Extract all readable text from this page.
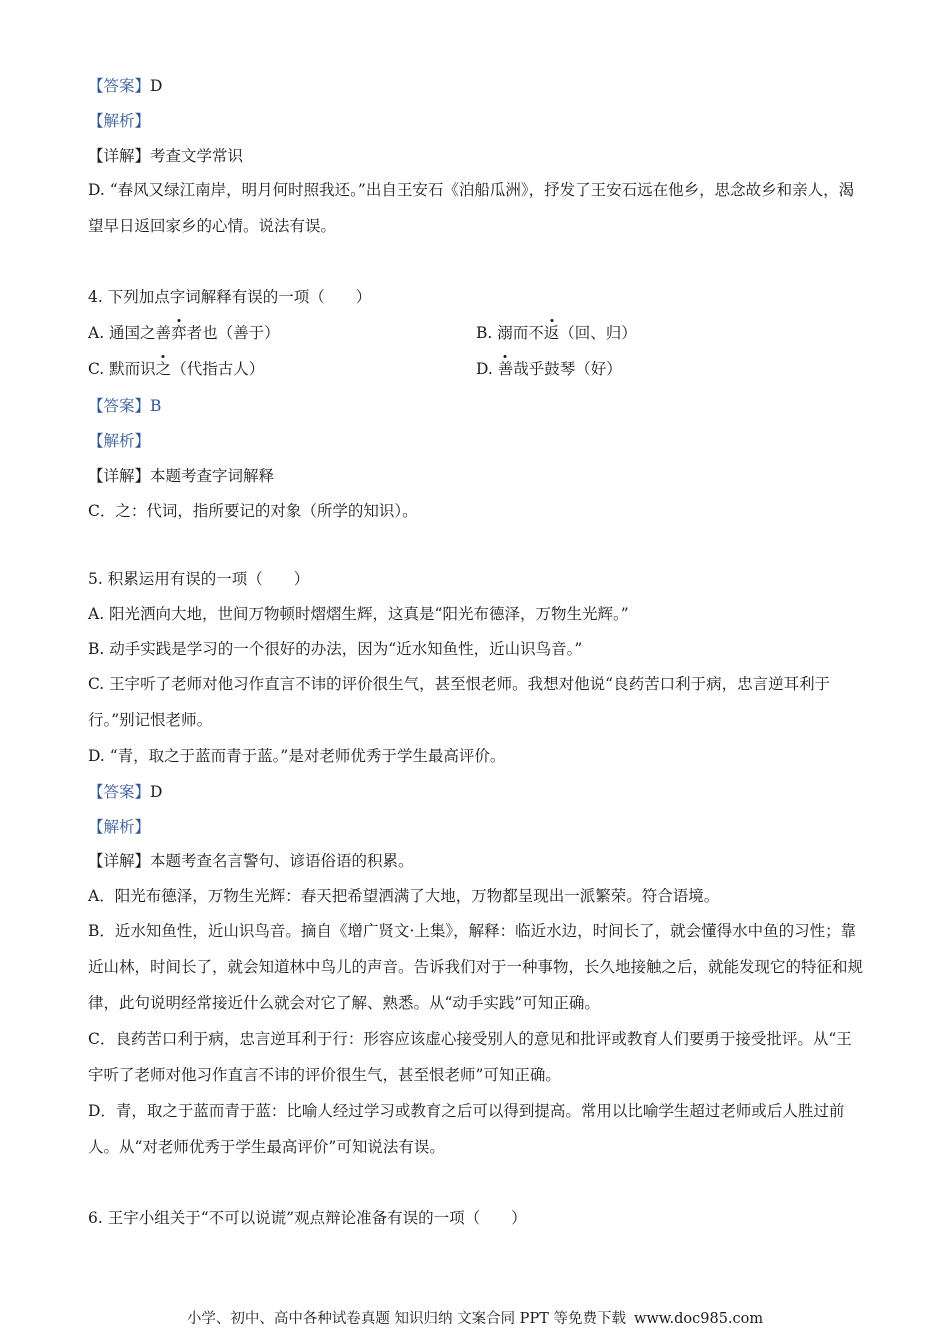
【答案】D
【解析】
【详解】考查文学常识
D. “春风又绿江南岸，明月何时照我还。”出自王安石《泊船瓜洲》，抒发了王安石远在他乡，思念故乡和亲人，渴望早日返回家乡的心情。说法有误。
4. 下列加点字词解释有误的一项（　　）
A. 通国之善弈者也（善于）	B. 溺而不返（回、归）
C. 默而识之（代指古人）	D. 善哉乎鼓琴（好）
【答案】B
【解析】
【详解】本题考查字词解释
C．之：代词，指所要记的对象（所学的知识）。
5. 积累运用有误的一项（　　）
A. 阳光洒向大地，世间万物顿时熠熠生辉，这真是“阳光布德泽，万物生光辉。”
B. 动手实践是学习的一个很好的办法，因为“近水知鱼性，近山识鸟音。”
C. 王宇听了老师对他习作直言不讳的评价很生气，甚至恨老师。我想对他说“良药苦口利于病，忠言逆耳利于行。”别记恨老师。
D. “青，取之于蓝而青于蓝。”是对老师优秀于学生最高评价。
【答案】D
【解析】
【详解】本题考查名言警句、谚语俗语的积累。
A．阳光布德泽，万物生光辉：春天把希望洒满了大地，万物都呈现出一派繁荣。符合语境。
B．近水知鱼性，近山识鸟音。摘自《增广贤文·上集》，解释：临近水边，时间长了，就会懂得水中鱼的习性；靠近山林，时间长了，就会知道林中鸟儿的声音。告诉我们对于一种事物，长久地接触之后，就能发现它的特征和规律，此句说明经常接近什么就会对它了解、熟悉。从“动手实践”可知正确。
C．良药苦口利于病，忠言逆耳利于行：形容应该虚心接受别人的意见和批评或教育人们要勇于接受批评。从“王宇听了老师对他习作直言不讳的评价很生气，甚至恨老师”可知正确。
D．青，取之于蓝而青于蓝：比喻人经过学习或教育之后可以得到提高。常用以比喻学生超过老师或后人胜过前人。从“对老师优秀于学生最高评价”可知说法有误。
6. 王宇小组关于“不可以说谎”观点辩论准备有误的一项（　　）
小学、初中、高中各种试卷真题 知识归纳 文案合同 PPT 等免费下载 www.doc985.com
